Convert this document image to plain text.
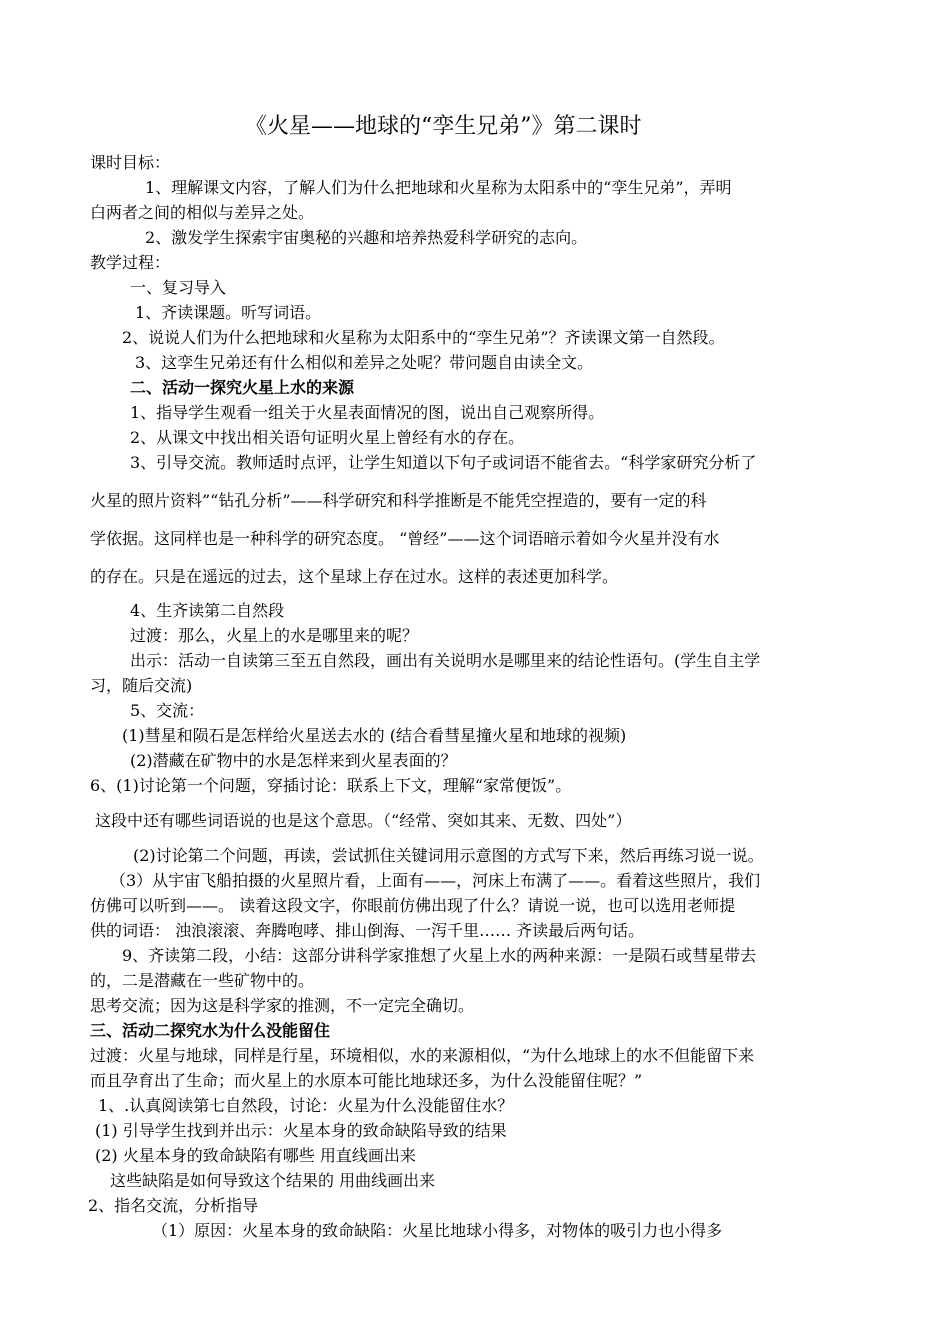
《火星——地球的“孪生兄弟”》第二课时

课时目标：

1、理解课文内容，了解人们为什么把地球和火星称为太阳系中的“孪生兄弟”，弄明

白两者之间的相似与差异之处。

2、激发学生探索宇宙奥秘的兴趣和培养热爱科学研究的志向。

教学过程：

一、复习导入

1、齐读课题。听写词语。

2、说说人们为什么把地球和火星称为太阳系中的“孪生兄弟”？齐读课文第一自然段。

3、这孪生兄弟还有什么相似和差异之处呢？带问题自由读全文。

二、活动一探究火星上水的来源

1、指导学生观看一组关于火星表面情况的图，说出自己观察所得。

2、从课文中找出相关语句证明火星上曾经有水的存在。

3、引导交流。教师适时点评，让学生知道以下句子或词语不能省去。“科学家研究分析了

火星的照片资料”“钻孔分析”——科学研究和科学推断是不能凭空捏造的，要有一定的科

学依据。这同样也是一种科学的研究态度。 “曾经”——这个词语暗示着如今火星并没有水

的存在。只是在遥远的过去，这个星球上存在过水。这样的表述更加科学。

4、生齐读第二自然段

过渡：那么，火星上的水是哪里来的呢？

出示：活动一自读第三至五自然段，画出有关说明水是哪里来的结论性语句。(学生自主学

习，随后交流)

5、交流：

(1)彗星和陨石是怎样给火星送去水的 (结合看彗星撞火星和地球的视频)

(2)潜藏在矿物中的水是怎样来到火星表面的？

6、(1)讨论第一个问题，穿插讨论：联系上下文，理解“家常便饭”。

这段中还有哪些词语说的也是这个意思。（“经常、突如其来、无数、四处”）

(2)讨论第二个问题，再读，尝试抓住关键词用示意图的方式写下来，然后再练习说一说。

（3）从宇宙飞船拍摄的火星照片看，上面有——，河床上布满了——。看着这些照片，我们

仿佛可以听到——。 读着这段文字，你眼前仿佛出现了什么？请说一说，也可以选用老师提

供的词语： 浊浪滚滚、奔腾咆哮、排山倒海、一泻千里…… 齐读最后两句话。

9、齐读第二段，小结：这部分讲科学家推想了火星上水的两种来源：一是陨石或彗星带去

的，二是潜藏在一些矿物中的。

思考交流；因为这是科学家的推测，不一定完全确切。

三、活动二探究水为什么没能留住

过渡：火星与地球，同样是行星，环境相似，水的来源相似，“为什么地球上的水不但能留下来

而且孕育出了生命；而火星上的水原本可能比地球还多，为什么没能留住呢？”

1、.认真阅读第七自然段，讨论：火星为什么没能留住水？

(1) 引导学生找到并出示：火星本身的致命缺陷导致的结果

(2) 火星本身的致命缺陷有哪些 用直线画出来

这些缺陷是如何导致这个结果的 用曲线画出来

2、指名交流，分析指导

（1）原因：火星本身的致命缺陷：火星比地球小得多，对物体的吸引力也小得多
